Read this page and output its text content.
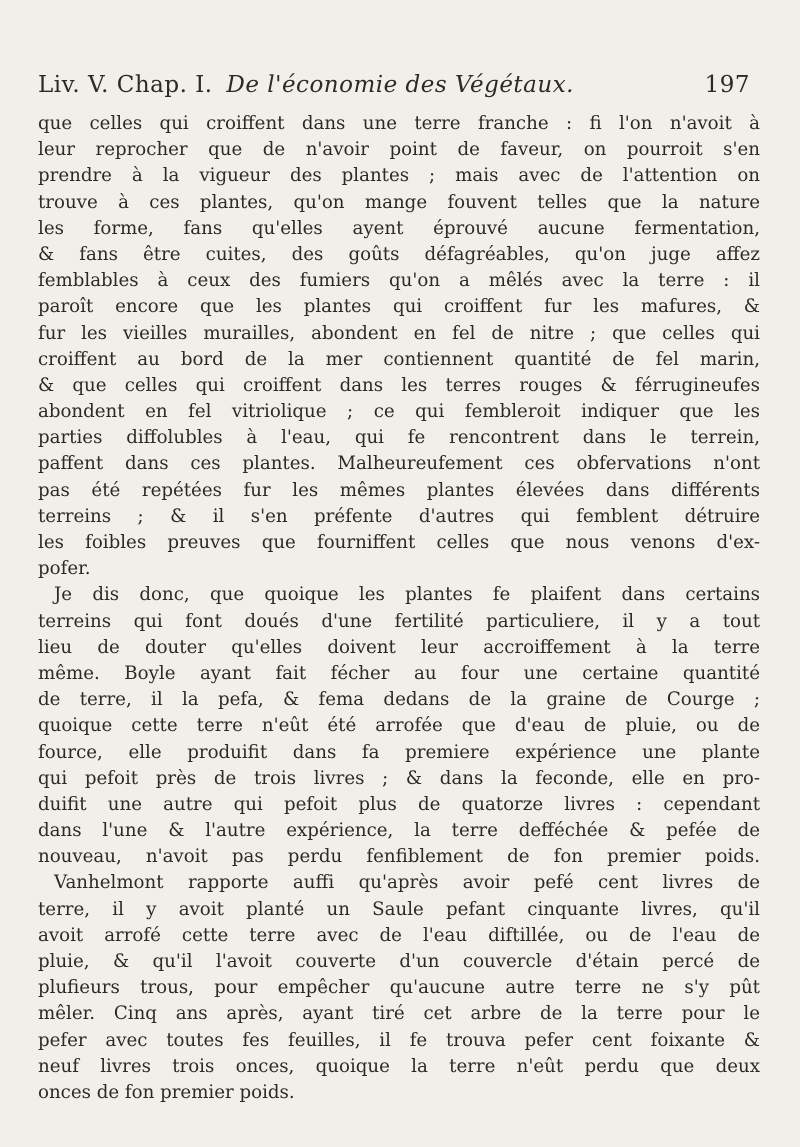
Liv. V. Chap. I. De l'économie des Végétaux.	197
que celles qui croiffent dans une terre franche : fi l'on n'avoit à
leur reprocher que de n'avoir point de faveur, on pourroit s'en
prendre à la vigueur des plantes ; mais avec de l'attention on
trouve à ces plantes, qu'on mange fouvent telles que la nature
les forme, fans qu'elles ayent éprouvé aucune fermentation,
& fans être cuites, des goûts défagréables, qu'on juge affez
femblables à ceux des fumiers qu'on a mêlés avec la terre : il
paroît encore que les plantes qui croiffent fur les mafures, &
fur les vieilles murailles, abondent en fel de nitre ; que celles qui
croiffent au bord de la mer contiennent quantité de fel marin,
& que celles qui croiffent dans les terres rouges & férrugineufes
abondent en fel vitriolique ; ce qui fembleroit indiquer que les
parties diffolubles à l'eau, qui fe rencontrent dans le terrein,
paffent dans ces plantes. Malheureufement ces obfervations n'ont
pas été repétées fur les mêmes plantes élevées dans différents
terreins ; & il s'en préfente d'autres qui femblent détruire
les foibles preuves que fourniffent celles que nous venons d'ex-
pofer.
Je dis donc, que quoique les plantes fe plaifent dans certains
terreins qui font doués d'une fertilité particuliere, il y a tout
lieu de douter qu'elles doivent leur accroiffement à la terre
même. Boyle ayant fait fécher au four une certaine quantité
de terre, il la pefa, & fema dedans de la graine de Courge ;
quoique cette terre n'eût été arrofée que d'eau de pluie, ou de
fource, elle produifit dans fa premiere expérience une plante
qui pefoit près de trois livres ; & dans la feconde, elle en pro-
duifit une autre qui pefoit plus de quatorze livres : cependant
dans l'une & l'autre expérience, la terre defféchée & pefée de
nouveau, n'avoit pas perdu fenfiblement de fon premier poids.
Vanhelmont rapporte auffi qu'après avoir pefé cent livres de
terre, il y avoit planté un Saule pefant cinquante livres, qu'il
avoit arrofé cette terre avec de l'eau diftillée, ou de l'eau de
pluie, & qu'il l'avoit couverte d'un couvercle d'étain percé de
plufieurs trous, pour empêcher qu'aucune autre terre ne s'y pût
mêler. Cinq ans après, ayant tiré cet arbre de la terre pour le
pefer avec toutes fes feuilles, il fe trouva pefer cent foixante &
neuf livres trois onces, quoique la terre n'eût perdu que deux
onces de fon premier poids.
